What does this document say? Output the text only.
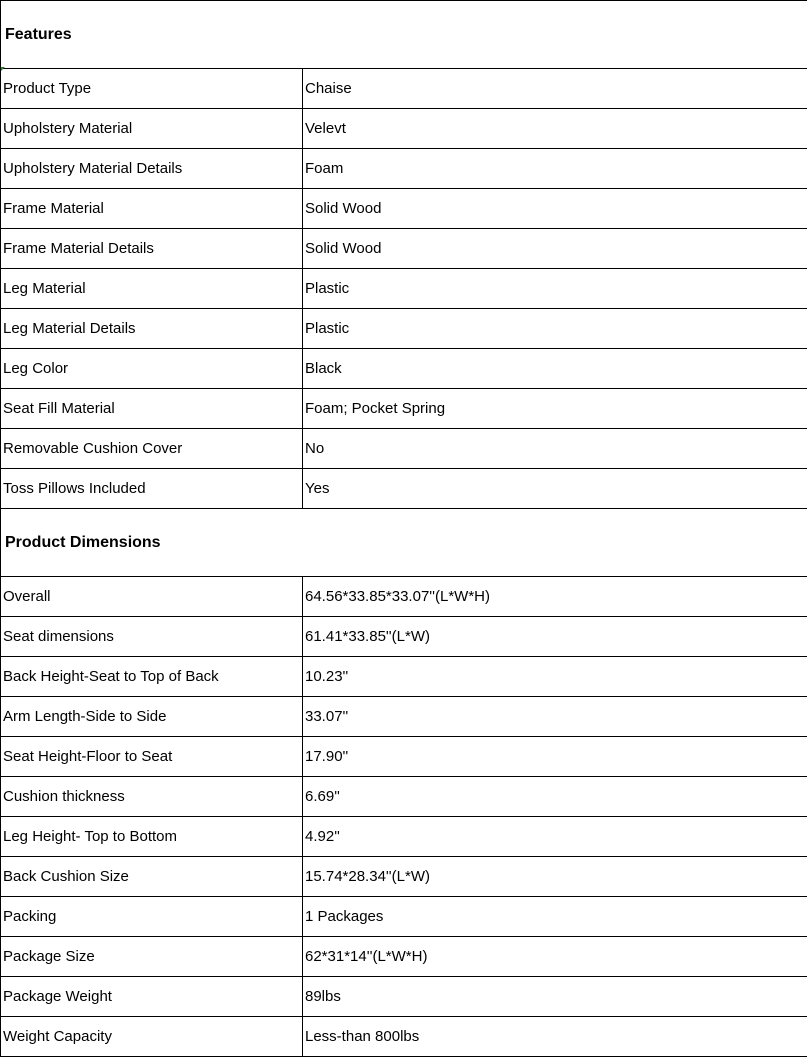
Features	
Product Type	Chaise
Upholstery Material	Velevt
Upholstery Material Details	Foam
Frame Material	Solid Wood
Frame Material Details	Solid Wood
Leg Material	Plastic
Leg Material Details	Plastic
Leg Color	Black
Seat Fill Material	Foam; Pocket Spring
Removable Cushion Cover	No
Toss Pillows Included	Yes
Product Dimensions	
Overall	64.56*33.85*33.07''(L*W*H)
Seat dimensions	61.41*33.85''(L*W)
Back Height-Seat to Top of Back	10.23''
Arm Length-Side to Side	33.07''
Seat Height-Floor to Seat	17.90''
Cushion thickness	6.69''
Leg Height- Top to Bottom	4.92''
Back Cushion Size	15.74*28.34''(L*W)
Packing	1 Packages
Package Size	62*31*14''(L*W*H)
Package Weight	89lbs
Weight Capacity	Less-than 800lbs
